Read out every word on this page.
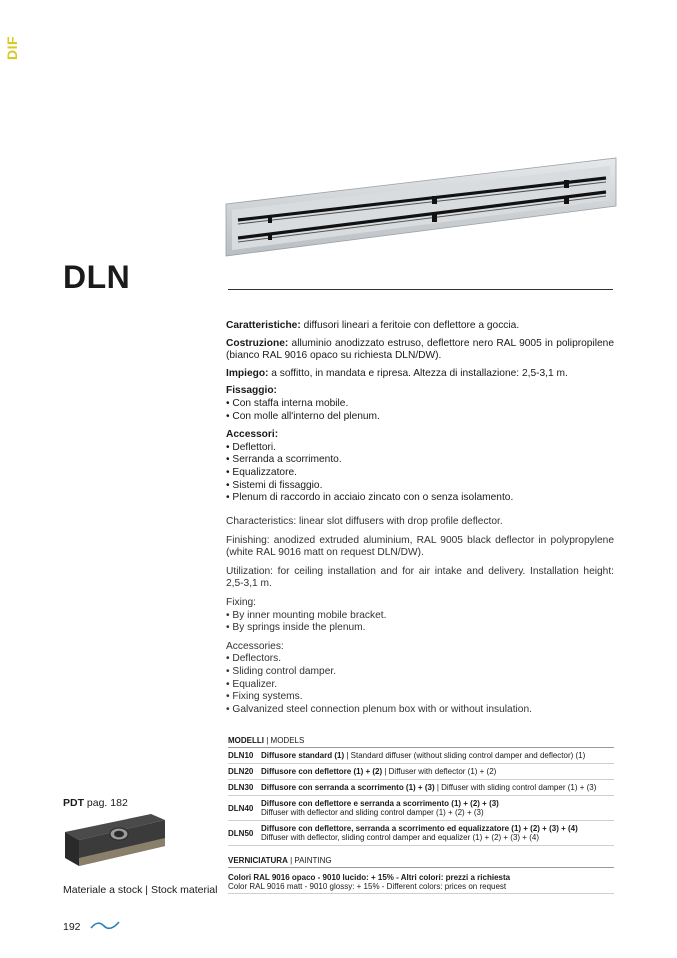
DIF
DLN

Caratteristiche: diffusori lineari a feritoie con deflettore a goccia.

Costruzione: alluminio anodizzato estruso, deflettore nero RAL 9005 in polipropilene (bianco RAL 9016 opaco su richiesta DLN/DW).

Impiego: a soffitto, in mandata e ripresa. Altezza di installazione: 2,5-3,1 m.

Fissaggio:
• Con staffa interna mobile.
• Con molle all'interno del plenum.
Accessori:
• Deflettori.
• Serranda a scorrimento.
• Equalizzatore.
• Sistemi di fissaggio.
• Plenum di raccordo in acciaio zincato con o senza isolamento.

Characteristics: linear slot diffusers with drop profile deflector.

Finishing: anodized extruded aluminium, RAL 9005 black deflector in polypropylene (white RAL 9016 matt on request DLN/DW).

Utilization: for ceiling installation and for air intake and delivery. Installation height: 2,5-3,1 m.

Fixing:
• By inner mounting mobile bracket.
• By springs inside the plenum.
Accessories:
• Deflectors.
• Sliding control damper.
• Equalizer.
• Fixing systems.
• Galvanized steel connection plenum box with or without insulation.
MODELLI | MODELS
DLN10 Diffusore standard (1) | Standard diffuser (without sliding control damper and deflector) (1)
DLN20 Diffusore con deflettore (1) + (2) | Diffuser with deflector (1) + (2)
DLN30 Diffusore con serranda a scorrimento (1) + (3) | Diffuser with sliding control damper (1) + (3)
DLN40 Diffusore con deflettore e serranda a scorrimento (1) + (2) + (3)
Diffuser with deflector and sliding control damper (1) + (2) + (3)
DLN50 Diffusore con deflettore, serranda a scorrimento ed equalizzatore (1) + (2) + (3) + (4)
Diffuser with deflector, sliding control damper and equalizer (1) + (2) + (3) + (4)
VERNICIATURA | PAINTING
Colori RAL 9016 opaco - 9010 lucido: + 15% - Altri colori: prezzi a richiesta
Color RAL 9016 matt - 9010 glossy: + 15% - Different colors: prices on request
PDT pag. 182
Materiale a stock | Stock material
192
